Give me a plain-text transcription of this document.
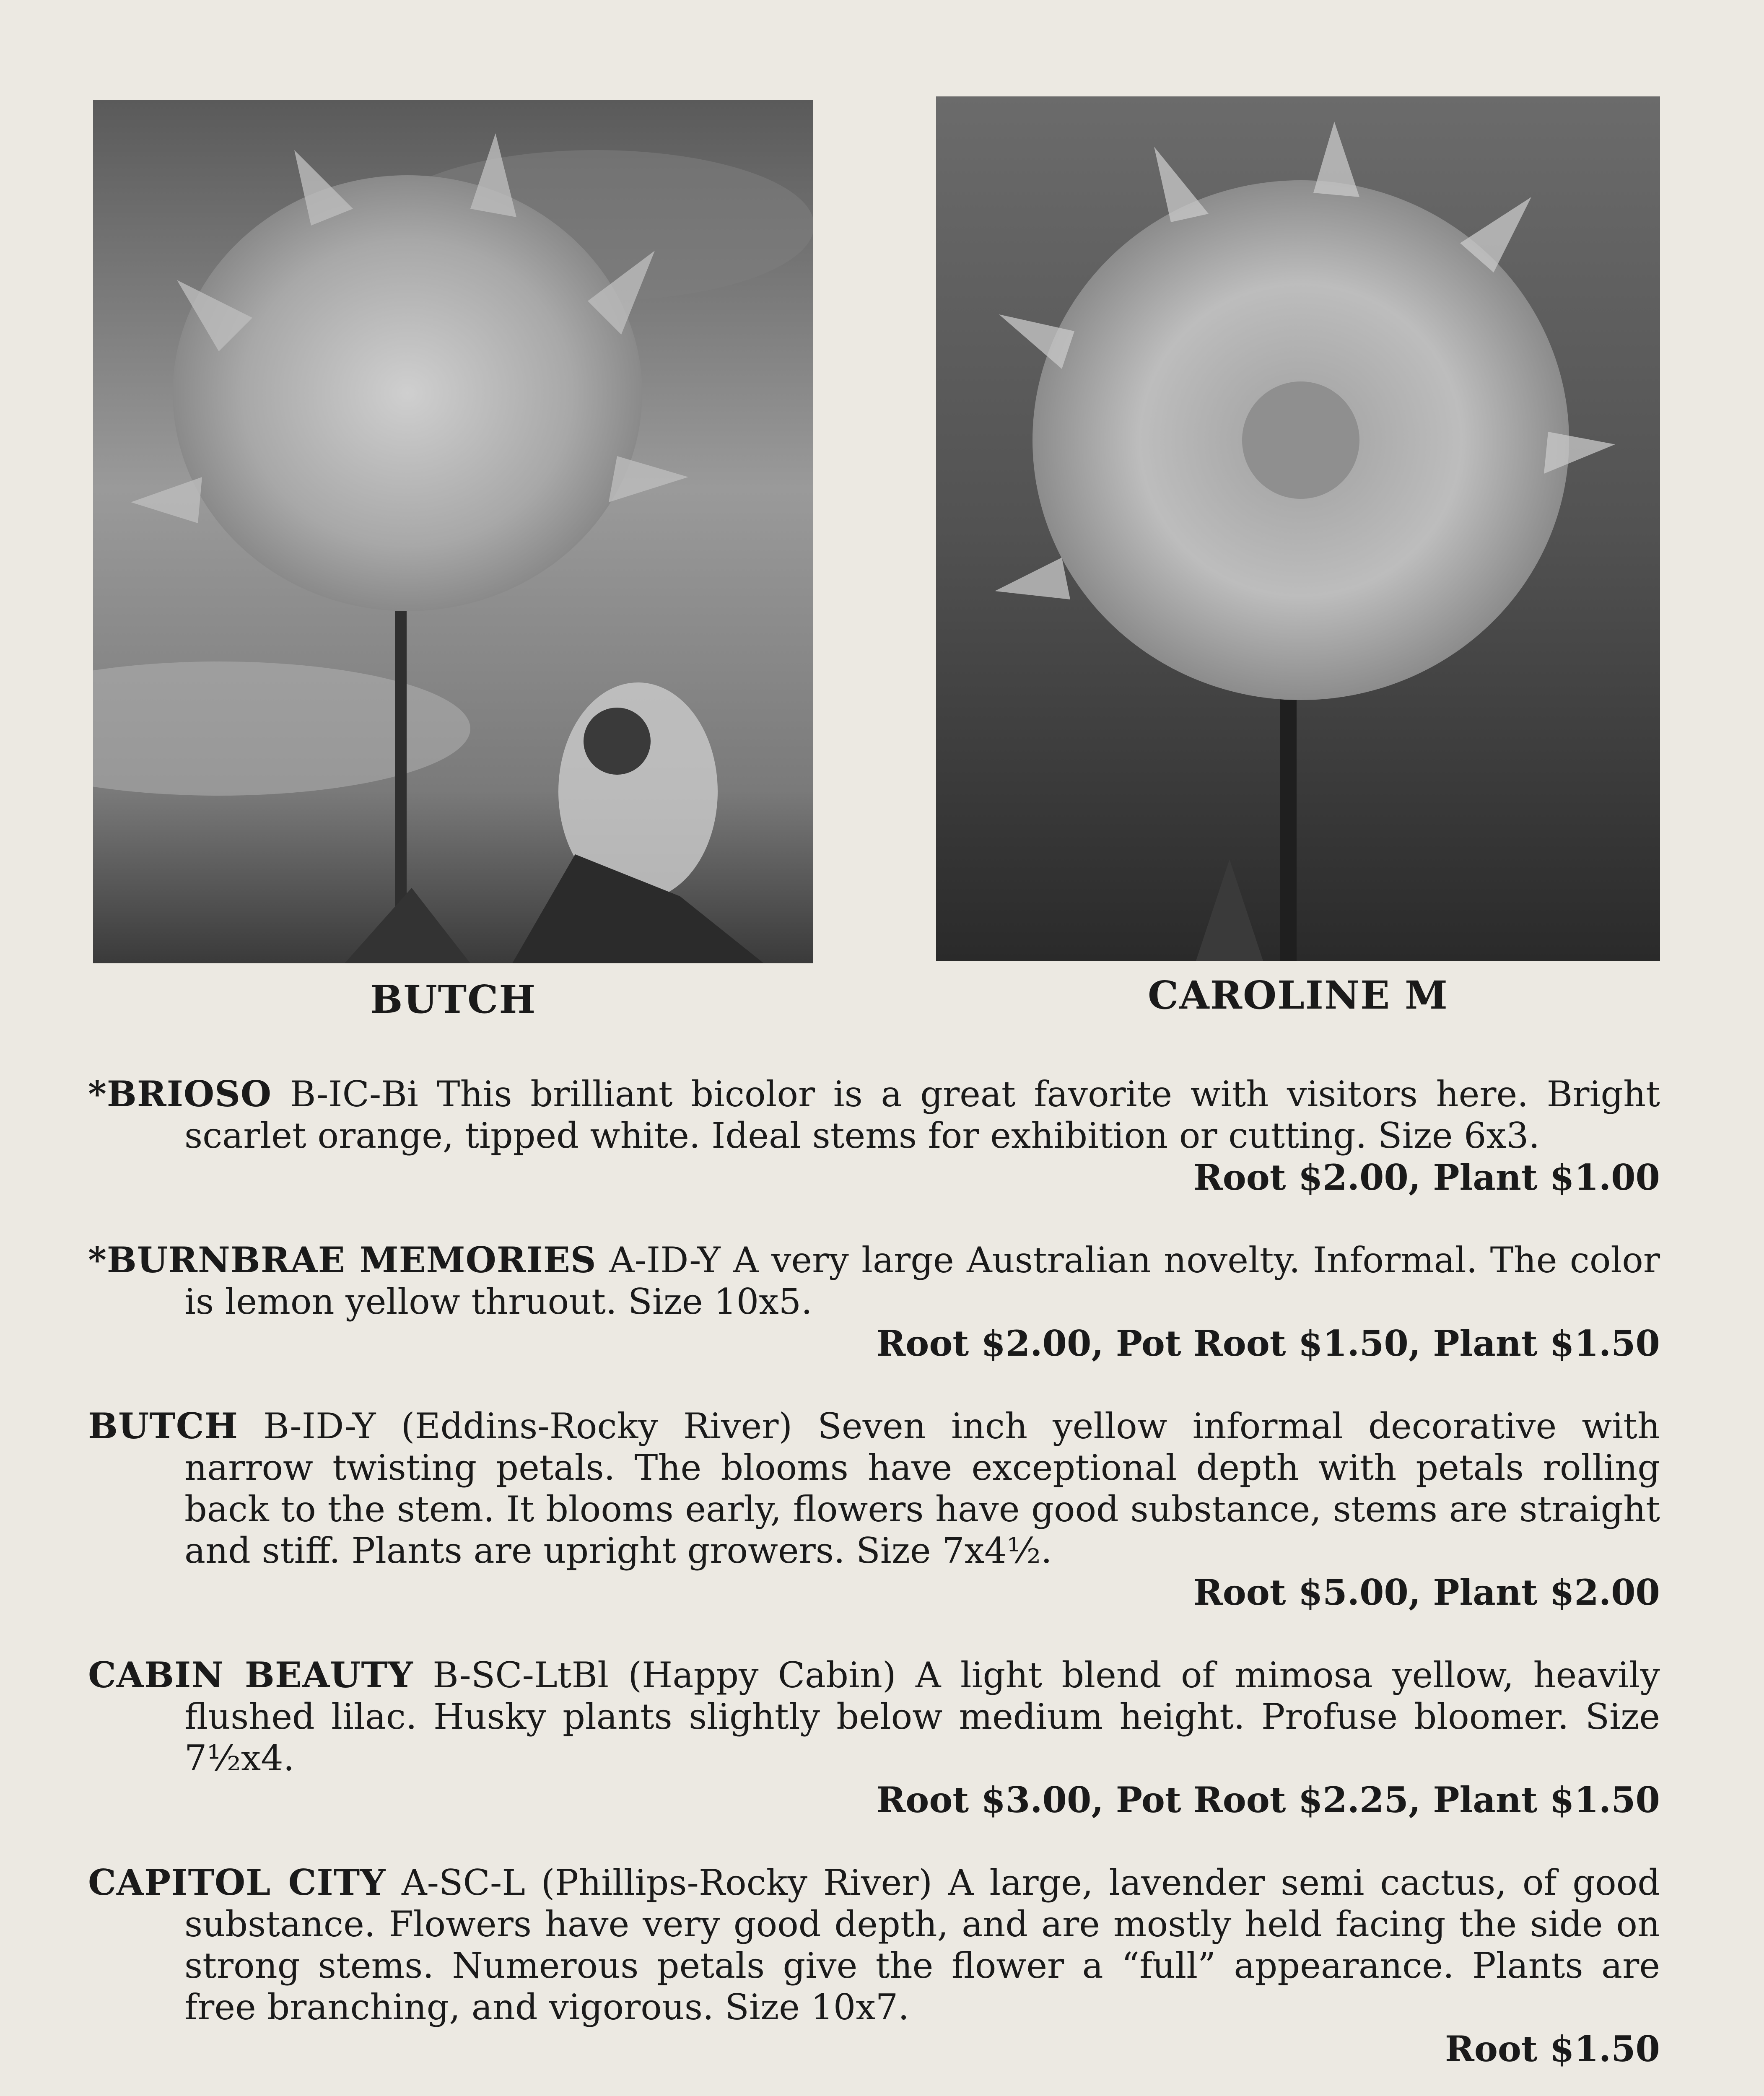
BUTCH	CAROLINE M
*BRIOSO B-IC-Bi This brilliant bicolor is a great favorite with visitors here. Bright scarlet orange, tipped white. Ideal stems for exhibition or cutting. Size 6x3.
Root $2.00, Plant $1.00
*BURNBRAE MEMORIES A-ID-Y A very large Australian novelty. Informal. The color is lemon yellow thruout. Size 10x5.
Root $2.00, Pot Root $1.50, Plant $1.50
BUTCH B-ID-Y (Eddins-Rocky River) Seven inch yellow informal decorative with narrow twisting petals. The blooms have exceptional depth with petals rolling back to the stem. It blooms early, flowers have good substance, stems are straight and stiff. Plants are upright growers. Size 7x4½.
Root $5.00, Plant $2.00
CABIN BEAUTY B-SC-LtBl (Happy Cabin) A light blend of mimosa yellow, heavily flushed lilac. Husky plants slightly below medium height. Profuse bloomer. Size 7½x4.
Root $3.00, Pot Root $2.25, Plant $1.50
CAPITOL CITY A-SC-L (Phillips-Rocky River) A large, lavender semi cactus, of good substance. Flowers have very good depth, and are mostly held facing the side on strong stems. Numerous petals give the flower a “full” appearance. Plants are free branching, and vigorous. Size 10x7.
Root $1.50
